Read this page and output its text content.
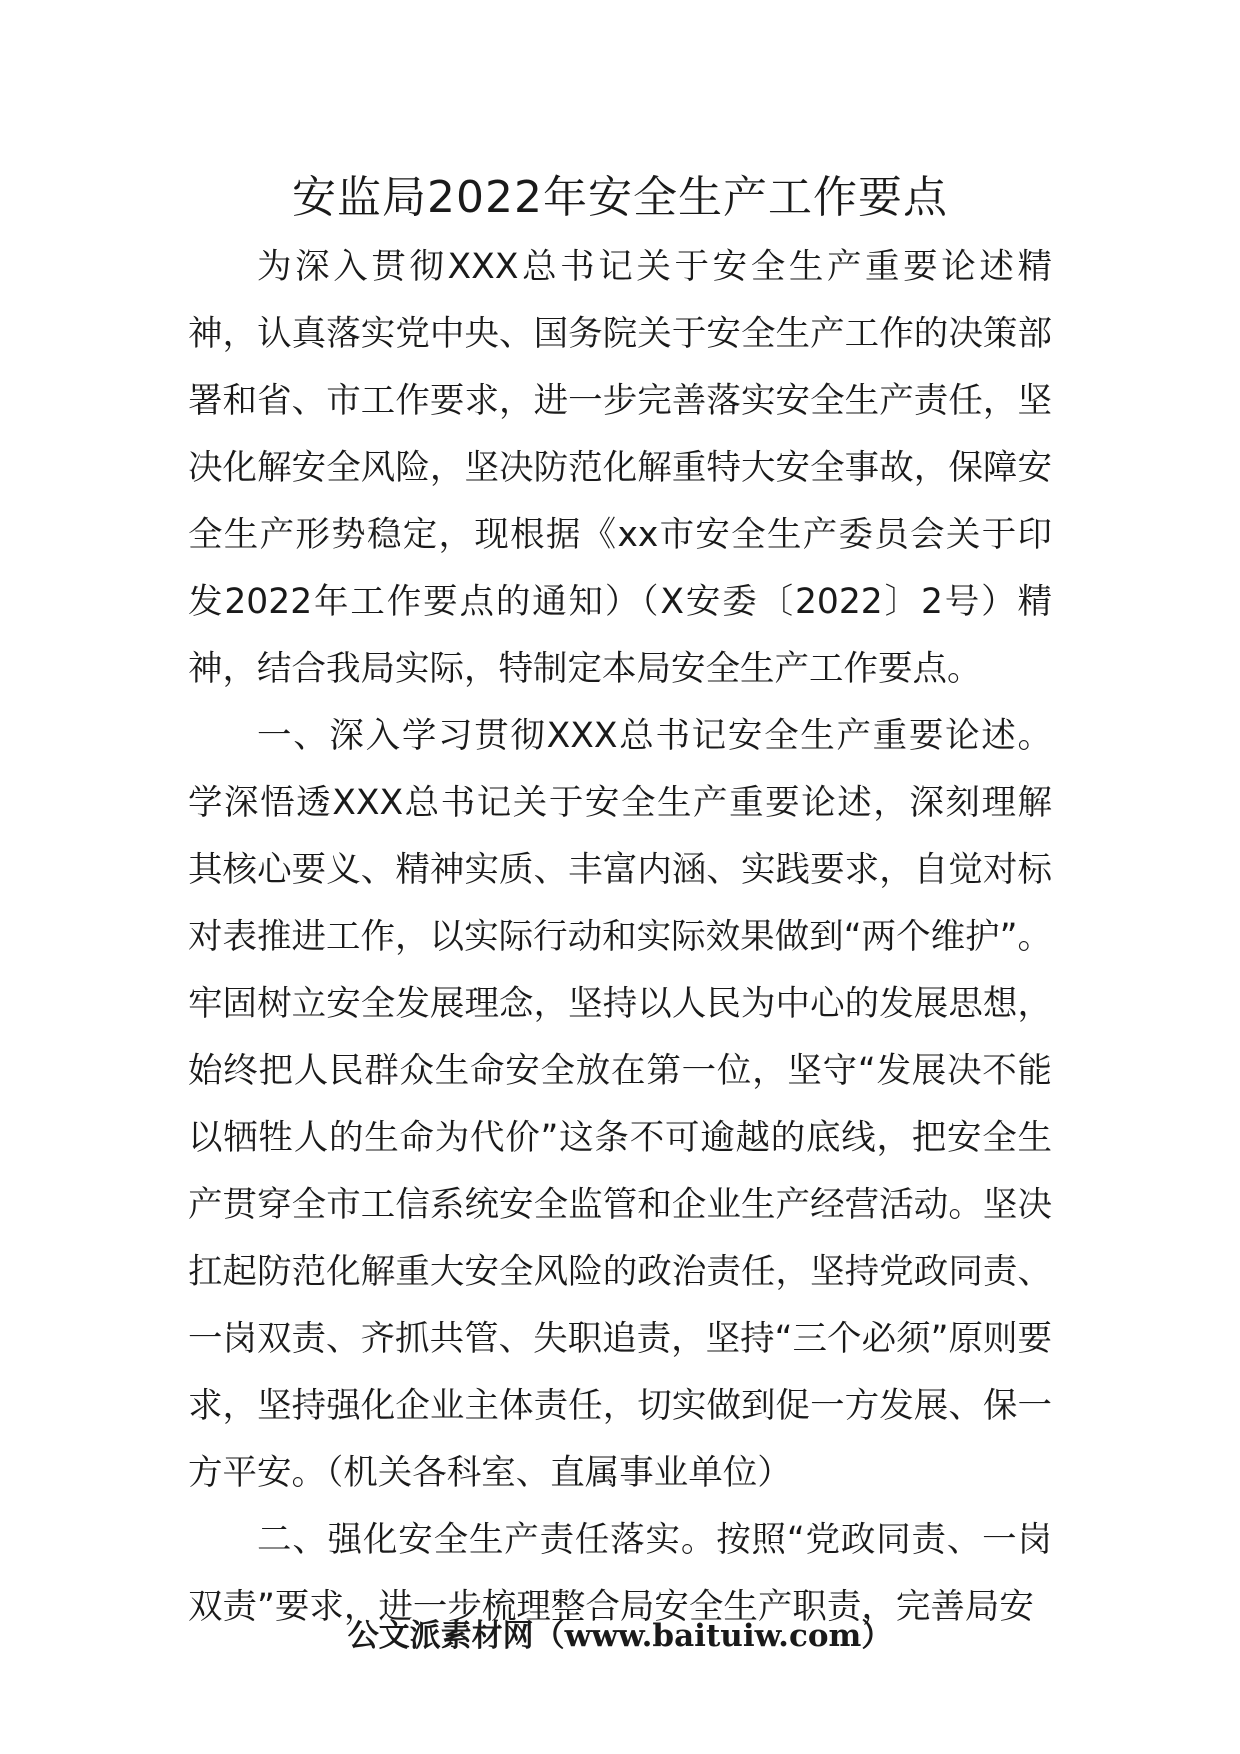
安监局2022年安全生产工作要点

为深入贯彻XXX总书记关于安全生产重要论述精神，认真落实党中央、国务院关于安全生产工作的决策部署和省、市工作要求，进一步完善落实安全生产责任，坚决化解安全风险，坚决防范化解重特大安全事故，保障安全生产形势稳定，现根据《xx市安全生产委员会关于印发2022年工作要点的通知）（X安委〔2022〕2号）精神，结合我局实际，特制定本局安全生产工作要点。

一、深入学习贯彻XXX总书记安全生产重要论述。学深悟透XXX总书记关于安全生产重要论述，深刻理解其核心要义、精神实质、丰富内涵、实践要求，自觉对标对表推进工作，以实际行动和实际效果做到“两个维护”。牢固树立安全发展理念，坚持以人民为中心的发展思想，始终把人民群众生命安全放在第一位，坚守“发展决不能以牺牲人的生命为代价”这条不可逾越的底线，把安全生产贯穿全市工信系统安全监管和企业生产经营活动。坚决扛起防范化解重大安全风险的政治责任，坚持党政同责、一岗双责、齐抓共管、失职追责，坚持“三个必须”原则要求，坚持强化企业主体责任，切实做到促一方发展、保一方平安。（机关各科室、直属事业单位）

二、强化安全生产责任落实。按照“党政同责、一岗双责”要求，进一步梳理整合局安全生产职责，完善局安

公文派素材网（www.baituiw.com）
